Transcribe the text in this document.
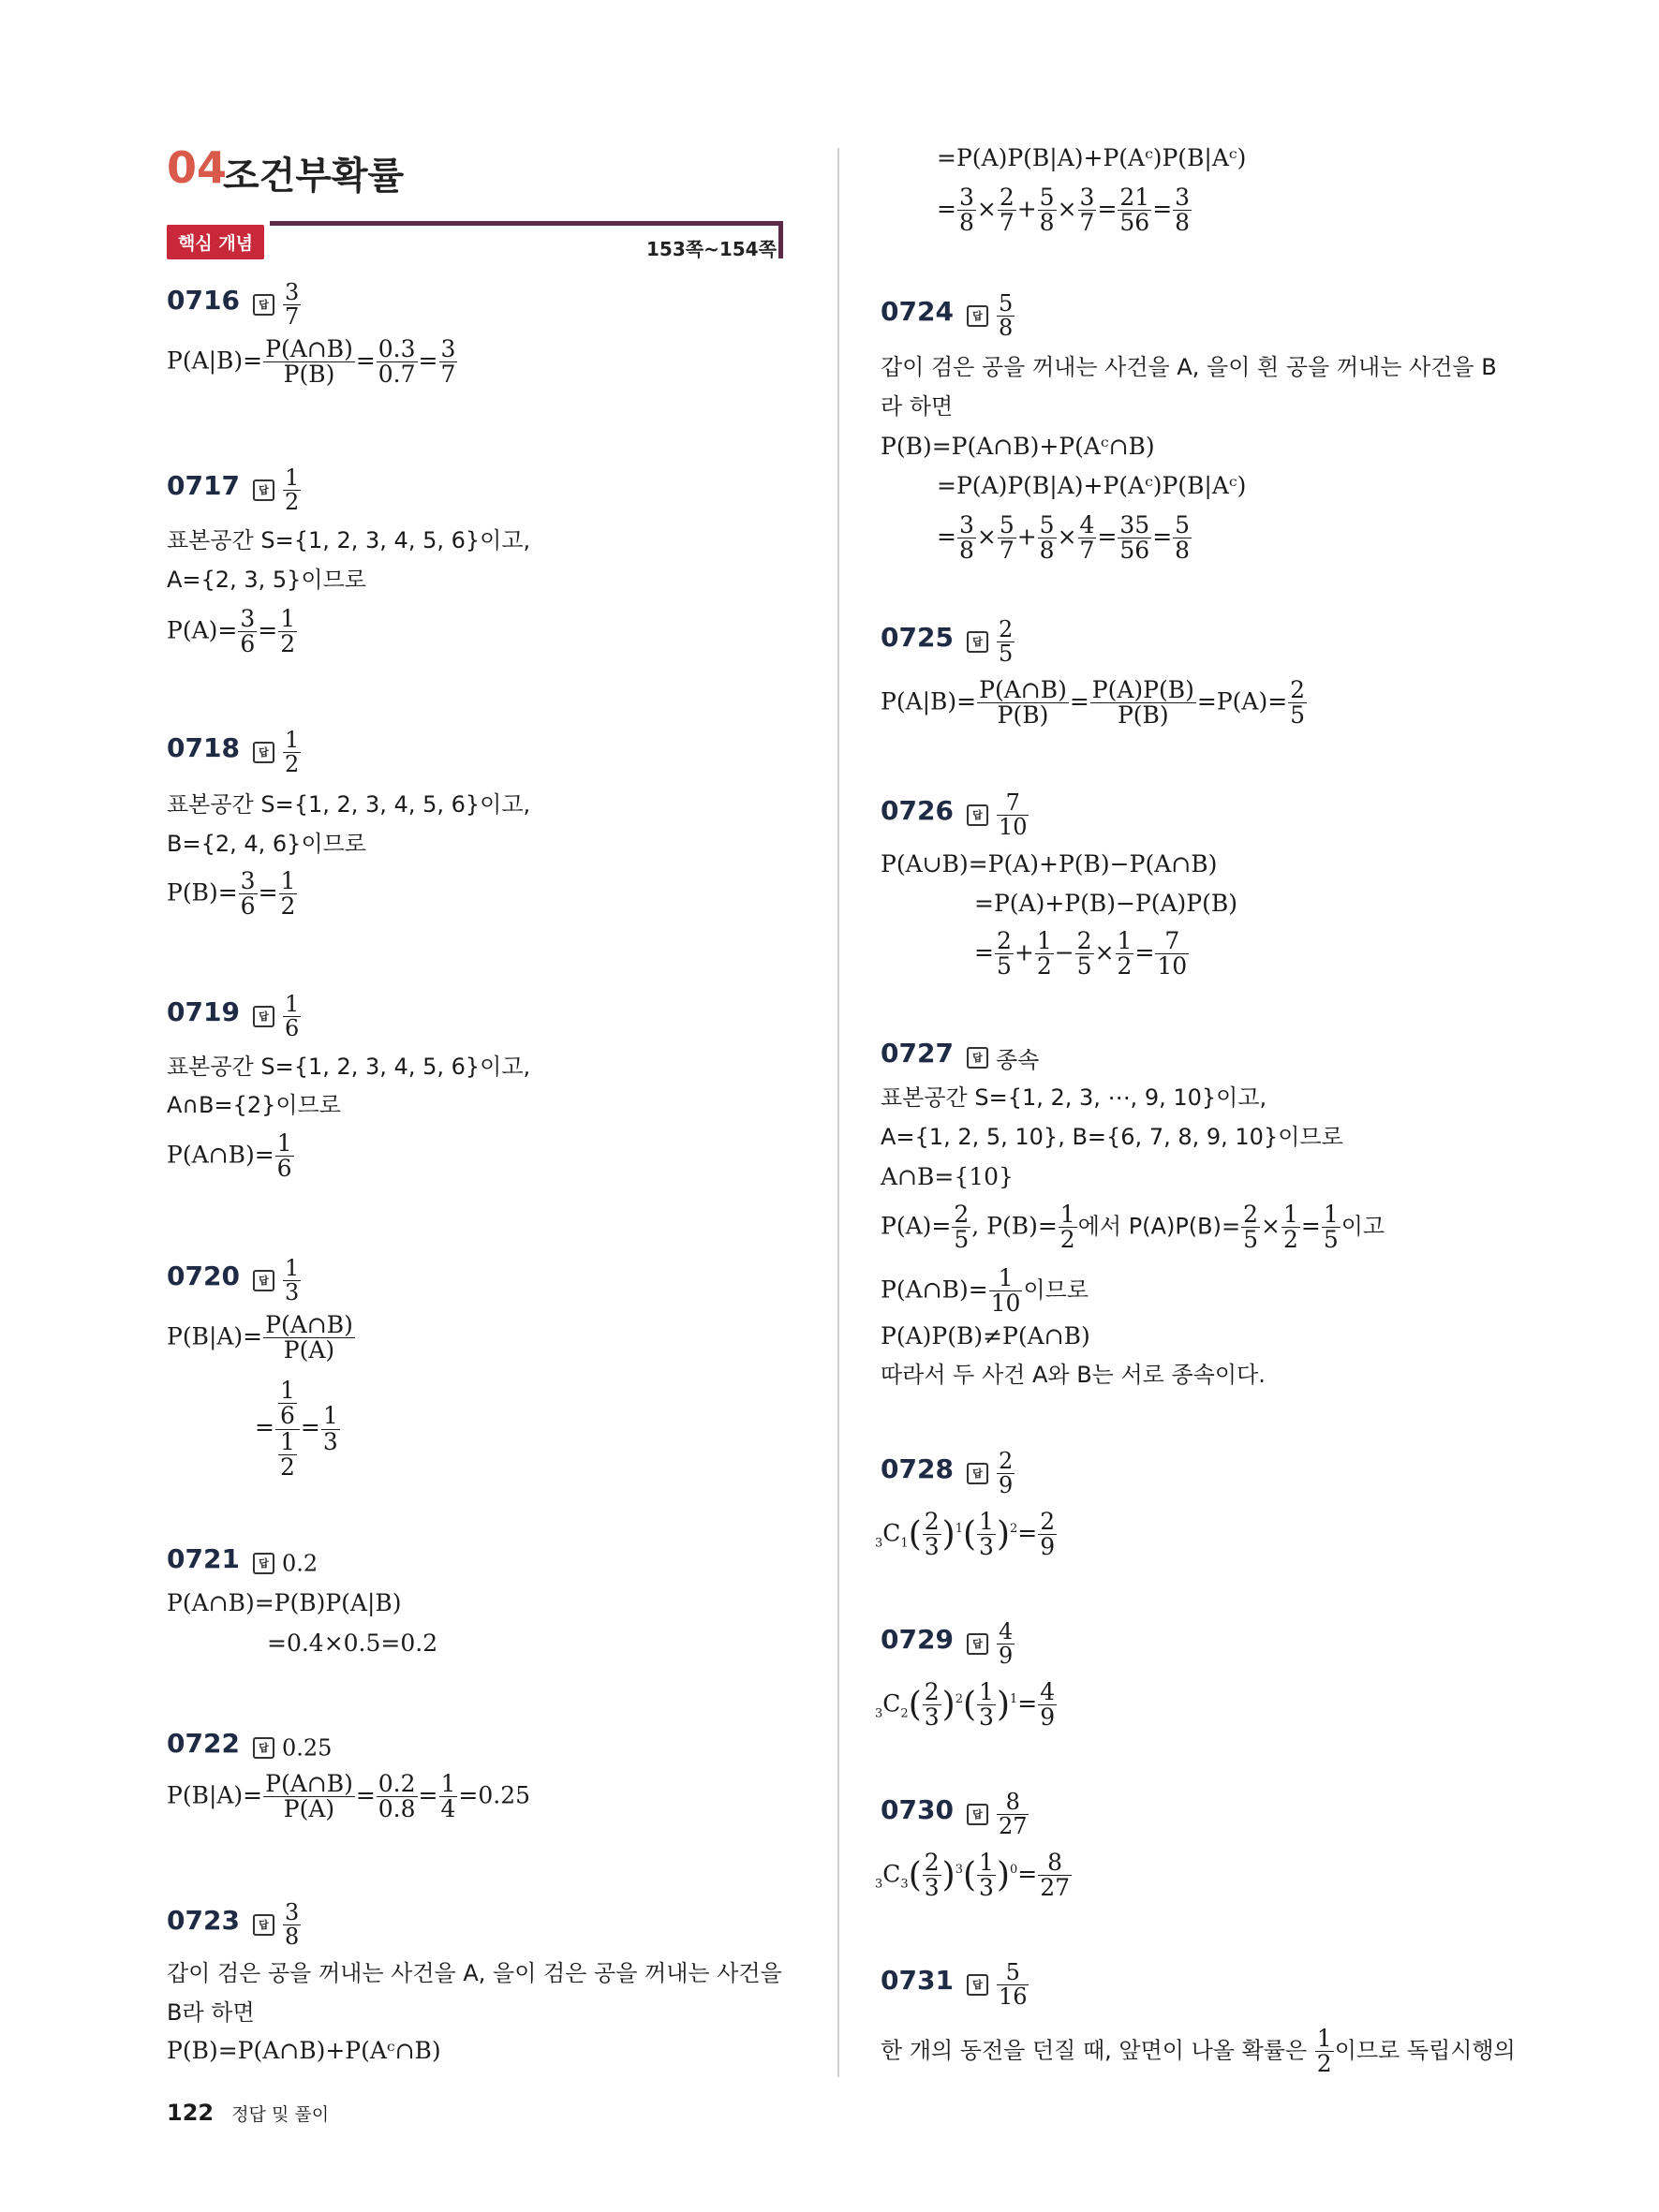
04
조건부확률
핵심 개념	153쪽~154쪽
0716 답 $\frac{3}{7}$
$P(A|B)= \frac{P(A\cap B)}{P(B)} = \frac{0.3}{0.7} = \frac{3}{7}$
0717 답 $\frac{1}{2}$
표본공간 S={1, 2, 3, 4, 5, 6}이고,
A={2, 3, 5}이므로
$P(A)= \frac{3}{6} = \frac{1}{2}$
0718 답 $\frac{1}{2}$
표본공간 S={1, 2, 3, 4, 5, 6}이고,
B={2, 4, 6}이므로
$P(B)= \frac{3}{6} = \frac{1}{2}$
0719 답 $\frac{1}{6}$
표본공간 S={1, 2, 3, 4, 5, 6}이고,
A∩B={2}이므로
P(A∩B)= $\frac{1}{6}$
0720 답 $\frac{1}{3}$
$P(B|A)= \frac{P(A\cap B)}{P(A)}$
= $\frac{\frac{1}{6}}{\frac{1}{2}} = \frac{1}{3}$
0721 답 0.2
P(A∩B)=P(B)P(A|B)
=0.4×0.5=0.2
0722 답 0.25
$P(B|A)= \frac{P(A\cap B)}{P(A)} = \frac{0.2}{0.8} = \frac{1}{4} =0.25$
0723 답 $\frac{3}{8}$
갑이 검은 공을 꺼내는 사건을 A, 을이 검은 공을 꺼내는 사건을
B라 하면
P(B)=P(A∩B)+P(Aᶜ∩B)
=P(A)P(B|A)+P(Aᶜ)P(B|Aᶜ)
= $\frac{3}{8} \times \frac{2}{7} + \frac{5}{8} \times \frac{3}{7} = \frac{21}{56} = \frac{3}{8}$
0724 답 $\frac{5}{8}$
갑이 검은 공을 꺼내는 사건을 A, 을이 흰 공을 꺼내는 사건을 B
라 하면
P(B)=P(A∩B)+P(Aᶜ∩B)
=P(A)P(B|A)+P(Aᶜ)P(B|Aᶜ)
= $\frac{3}{8} \times \frac{5}{7} + \frac{5}{8} \times \frac{4}{7} = \frac{35}{56} = \frac{5}{8}$
0725 답 $\frac{2}{5}$
$P(A|B)= \frac{P(A\cap B)}{P(B)} = \frac{P(A)P(B)}{P(B)} =P(A)= \frac{2}{5}$
0726 답 $\frac{7}{10}$
P(A∪B)=P(A)+P(B)−P(A∩B)
=P(A)+P(B)−P(A)P(B)
= $\frac{2}{5} + \frac{1}{2} - \frac{2}{5} \times \frac{1}{2} = \frac{7}{10}$
0727 답 종속
표본공간 S={1, 2, 3, ⋯, 9, 10}이고,
A={1, 2, 5, 10}, B={6, 7, 8, 9, 10}이므로
A∩B={10}
$P(A)= \frac{2}{5}$ , $P(B)= \frac{1}{2}$ 에서 $P(A)P(B)= \frac{2}{5} \times \frac{1}{2} = \frac{1}{5}$ 이고
P(A∩B)= $\frac{1}{10}$ 이므로
P(A)P(B)≠P(A∩B)
따라서 두 사건 A와 B는 서로 종속이다.
0728 답 $\frac{2}{9}$
$_3C_1( \frac{2}{3} )^1( \frac{1}{3} )^2= \frac{2}{9}$
0729 답 $\frac{4}{9}$
$_3C_2( \frac{2}{3} )^2( \frac{1}{3} )^1= \frac{4}{9}$
0730 답 $\frac{8}{27}$
$_3C_3( \frac{2}{3} )^3( \frac{1}{3} )^0= \frac{8}{27}$
0731 답 $\frac{5}{16}$
한 개의 동전을 던질 때, 앞면이 나올 확률은 $\frac{1}{2}$ 이므로 독립시행의
122 정답 및 풀이
